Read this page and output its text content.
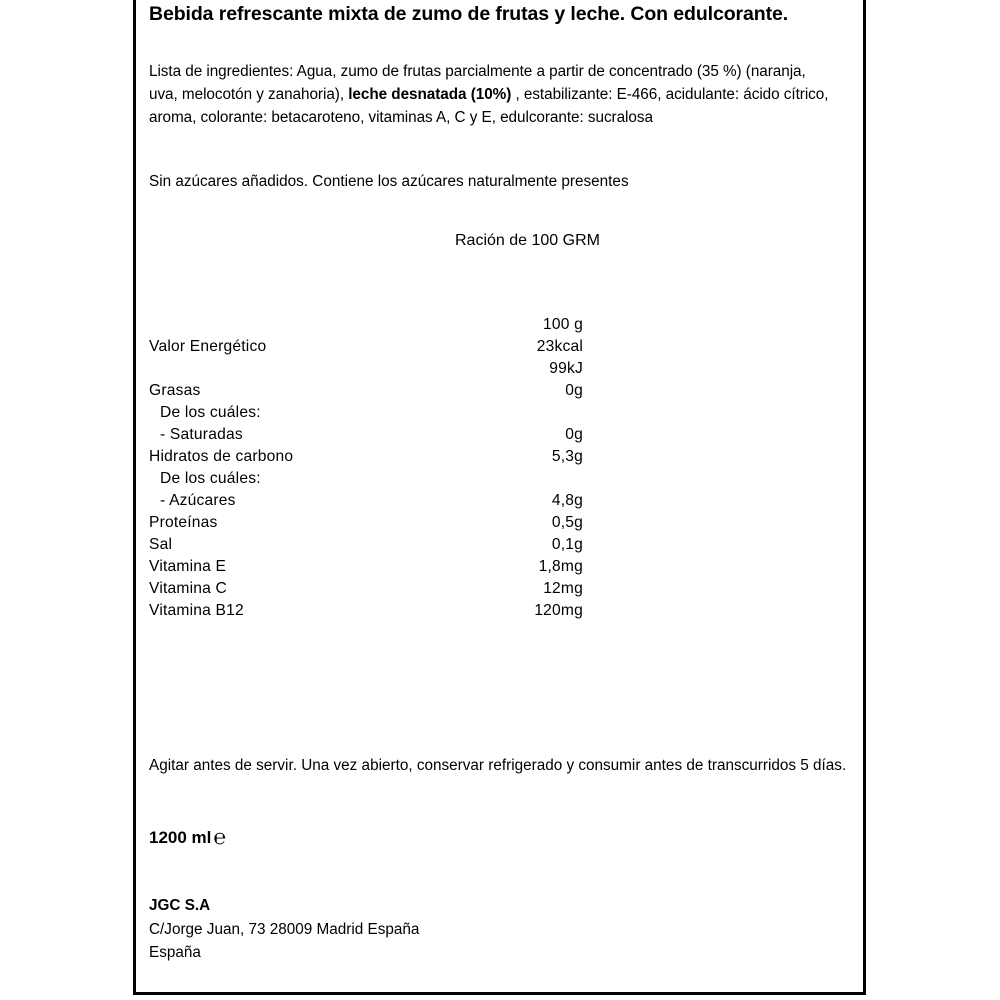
Bebida refrescante mixta de zumo de frutas y leche. Con edulcorante.
Lista de ingredientes: Agua, zumo de frutas parcialmente a partir de concentrado (35 %) (naranja, uva, melocotón y zanahoria), leche desnatada (10%) , estabilizante: E-466, acidulante: ácido cítrico, aroma, colorante: betacaroteno, vitaminas A, C y E, edulcorante: sucralosa
Sin azúcares añadidos. Contiene los azúcares naturalmente presentes
Ración de 100 GRM
100 g
Valor Energético	23kcal
99kJ
Grasas	0g
De los cuáles:
- Saturadas	0g
Hidratos de carbono	5,3g
De los cuáles:
- Azúcares	4,8g
Proteínas	0,5g
Sal	0,1g
Vitamina E	1,8mg
Vitamina C	12mg
Vitamina B12	120mg
Agitar antes de servir. Una vez abierto, conservar refrigerado y consumir antes de transcurridos 5 días.
1200 ml℮
JGC S.A
C/Jorge Juan, 73 28009 Madrid España
España
